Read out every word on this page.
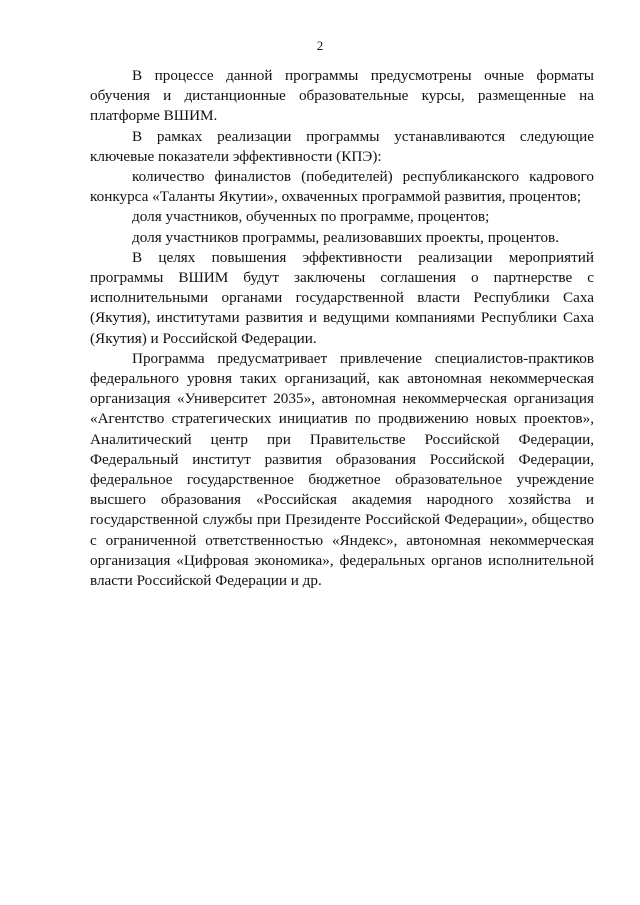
2

В процессе данной программы предусмотрены очные форматы обучения и дистанционные образовательные курсы, размещенные на платформе ВШИМ.

В рамках реализации программы устанавливаются следующие ключевые показатели эффективности (КПЭ):

количество финалистов (победителей) республиканского кадрового конкурса «Таланты Якутии», охваченных программой развития, процентов;

доля участников, обученных по программе, процентов;

доля участников программы, реализовавших проекты, процентов.

В целях повышения эффективности реализации мероприятий программы ВШИМ будут заключены соглашения о партнерстве с исполнительными органами государственной власти Республики Саха (Якутия), институтами развития и ведущими компаниями Республики Саха (Якутия) и Российской Федерации.

Программа предусматривает привлечение специалистов-практиков федерального уровня таких организаций, как автономная некоммерческая организация «Университет 2035», автономная некоммерческая организация «Агентство стратегических инициатив по продвижению новых проектов», Аналитический центр при Правительстве Российской Федерации, Федеральный институт развития образования Российской Федерации, федеральное государственное бюджетное образовательное учреждение высшего образования «Российская академия народного хозяйства и государственной службы при Президенте Российской Федерации», общество с ограниченной ответственностью «Яндекс», автономная некоммерческая организация «Цифровая экономика», федеральных органов исполнительной власти Российской Федерации и др.
